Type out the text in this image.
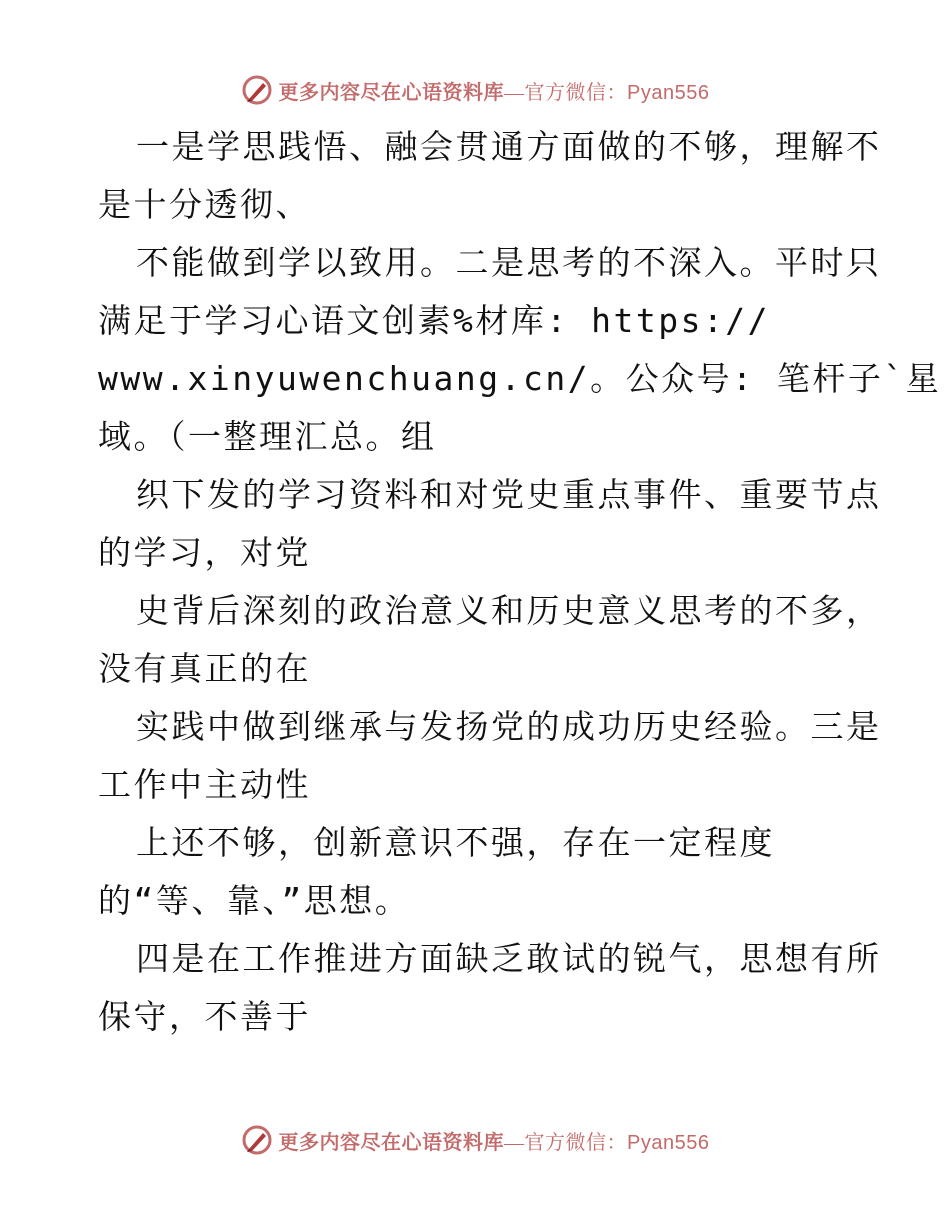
更多内容尽在心语资料库—官方微信：Pyan556
一是学思践悟、融会贯通方面做的不够，理解不
是十分透彻、
不能做到学以致用。二是思考的不深入。平时只
满足于学习心语文创素%材库: https://
www.xinyuwenchuang.cn/。公众号: 笔杆子`星
域。（一整理汇总。组
织下发的学习资料和对党史重点事件、重要节点
的学习，对党
史背后深刻的政治意义和历史意义思考的不多，
没有真正的在
实践中做到继承与发扬党的成功历史经验。三是
工作中主动性
上还不够，创新意识不强，存在一定程度
的“等、靠、”思想。
四是在工作推进方面缺乏敢试的锐气，思想有所
保守，不善于
更多内容尽在心语资料库—官方微信：Pyan556
